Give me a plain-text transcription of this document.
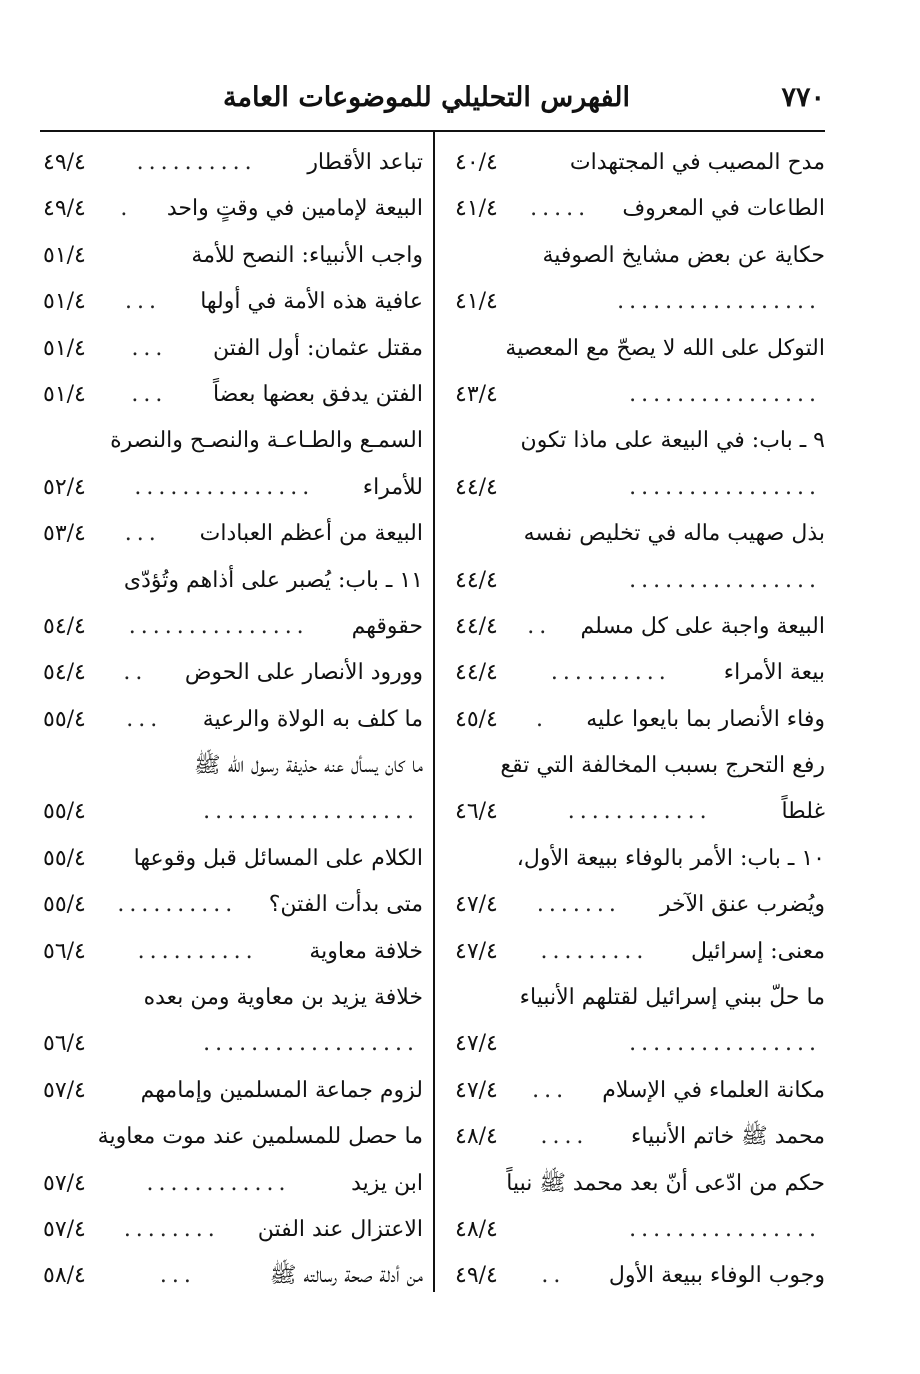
٧٧٠
الفهرس التحليلي للموضوعات العامة
مدح المصيب في المجتهدات
٤٠/٤
الطاعات في المعروف
.....
٤١/٤
حكاية عن بعض مشايخ الصوفية
.................
٤١/٤
التوكل على الله لا يصحّ مع المعصية
................
٤٣/٤
٩ ـ باب: في البيعة على ماذا تكون
................
٤٤/٤
بذل صهيب ماله في تخليص نفسه
................
٤٤/٤
البيعة واجبة على كل مسلم
..
٤٤/٤
بيعة الأمراء
..........
٤٤/٤
وفاء الأنصار بما بايعوا عليه
.
٤٥/٤
رفع التحرج بسبب المخالفة التي تقع
غلطاً
............
٤٦/٤
١٠ ـ باب: الأمر بالوفاء ببيعة الأول،
ويُضرب عنق الآخر
.......
٤٧/٤
معنى: إسرائيل
.........
٤٧/٤
ما حلّ ببني إسرائيل لقتلهم الأنبياء
................
٤٧/٤
مكانة العلماء في الإسلام
...
٤٧/٤
محمد ﷺ خاتم الأنبياء
....
٤٨/٤
حكم من ادّعى أنّ بعد محمد ﷺ نبياً
................
٤٨/٤
وجوب الوفاء ببيعة الأول
..
٤٩/٤
تباعد الأقطار
..........
٤٩/٤
البيعة لإمامين في وقتٍ واحد
.
٤٩/٤
واجب الأنبياء: النصح للأمة
٥١/٤
عافية هذه الأمة في أولها
...
٥١/٤
مقتل عثمان: أول الفتن
...
٥١/٤
الفتن يدفق بعضها بعضاً
...
٥١/٤
السمـع والطـاعـة والنصـح والنصرة
للأمراء
...............
٥٢/٤
البيعة من أعظم العبادات
...
٥٣/٤
١١ ـ باب: يُصبر على أذاهم وتُؤدّى
حقوقهم
...............
٥٤/٤
وورود الأنصار على الحوض
..
٥٤/٤
ما كلف به الولاة والرعية
...
٥٥/٤
ما كان يسأل عنه حذيفة رسول الله ﷺ
..................
٥٥/٤
الكلام على المسائل قبل وقوعها
٥٥/٤
متى بدأت الفتن؟
..........
٥٥/٤
خلافة معاوية
..........
٥٦/٤
خلافة يزيد بن معاوية ومن بعده
..................
٥٦/٤
لزوم جماعة المسلمين وإمامهم
٥٧/٤
ما حصل للمسلمين عند موت معاوية
ابن يزيد
............
٥٧/٤
الاعتزال عند الفتن
........
٥٧/٤
من أدلة صحة رسالته ﷺ
...
٥٨/٤
